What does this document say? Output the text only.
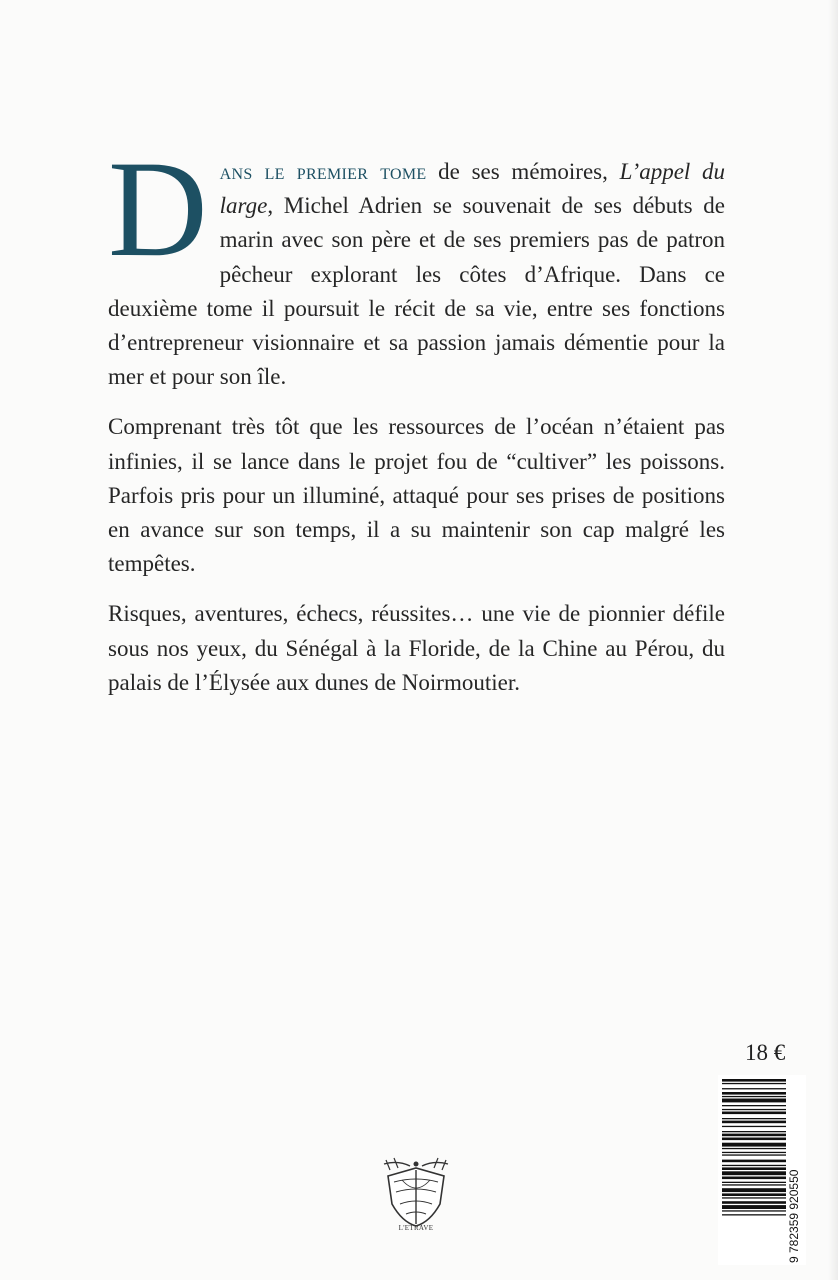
Dans le premier tome de ses mémoires, L’appel du large, Michel Adrien se souvenait de ses débuts de marin avec son père et de ses premiers pas de patron pêcheur explorant les côtes d’Afrique. Dans ce deuxième tome il poursuit le récit de sa vie, entre ses fonctions d’entrepreneur visionnaire et sa passion jamais démentie pour la mer et pour son île.

Comprenant très tôt que les ressources de l’océan n’étaient pas infinies, il se lance dans le projet fou de “cultiver” les poissons. Parfois pris pour un illuminé, attaqué pour ses prises de positions en avance sur son temps, il a su maintenir son cap malgré les tempêtes.

Risques, aventures, échecs, réussites… une vie de pionnier défile sous nos yeux, du Sénégal à la Floride, de la Chine au Pérou, du palais de l’Élysée aux dunes de Noirmoutier.

18 €
9 782359 920550
L'ETRAVE
